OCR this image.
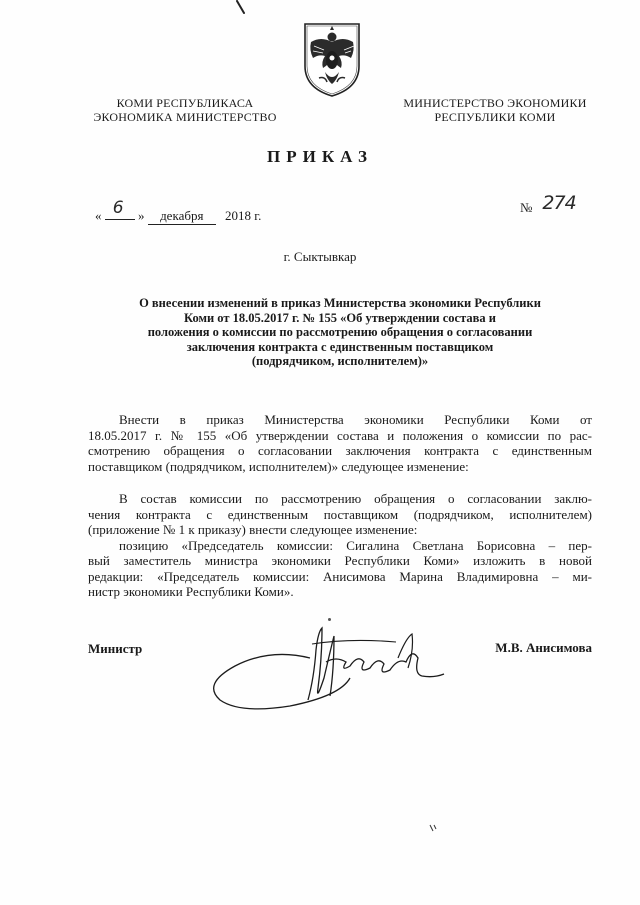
КОМИ РЕСПУБЛИКАСА
ЭКОНОМИКА МИНИСТЕРСТВО
МИНИСТЕРСТВО ЭКОНОМИКИ
РЕСПУБЛИКИ КОМИ
ПРИКАЗ
« 6 » декабря 2018 г.
№ 274
г. Сыктывкар
О внесении изменений в приказ Министерства экономики Республики
Коми от 18.05.2017 г. № 155 «Об утверждении состава и
положения о комиссии по рассмотрению обращения о согласовании
заключения контракта с единственным поставщиком
(подрядчиком, исполнителем)»
Внести в приказ Министерства экономики Республики Коми от
18.05.2017 г. № 155 «Об утверждении состава и положения о комиссии по рас-
смотрению обращения о согласовании заключения контракта с единственным
поставщиком (подрядчиком, исполнителем)» следующее изменение:
В состав комиссии по рассмотрению обращения о согласовании заклю-
чения контракта с единственным поставщиком (подрядчиком, исполнителем)
(приложение № 1 к приказу) внести следующее изменение:
позицию «Председатель комиссии: Сигалина Светлана Борисовна – пер-
вый заместитель министра экономики Республики Коми» изложить в новой
редакции: «Председатель комиссии: Анисимова Марина Владимировна – ми-
нистр экономики Республики Коми».
Министр	М.В. Анисимова
